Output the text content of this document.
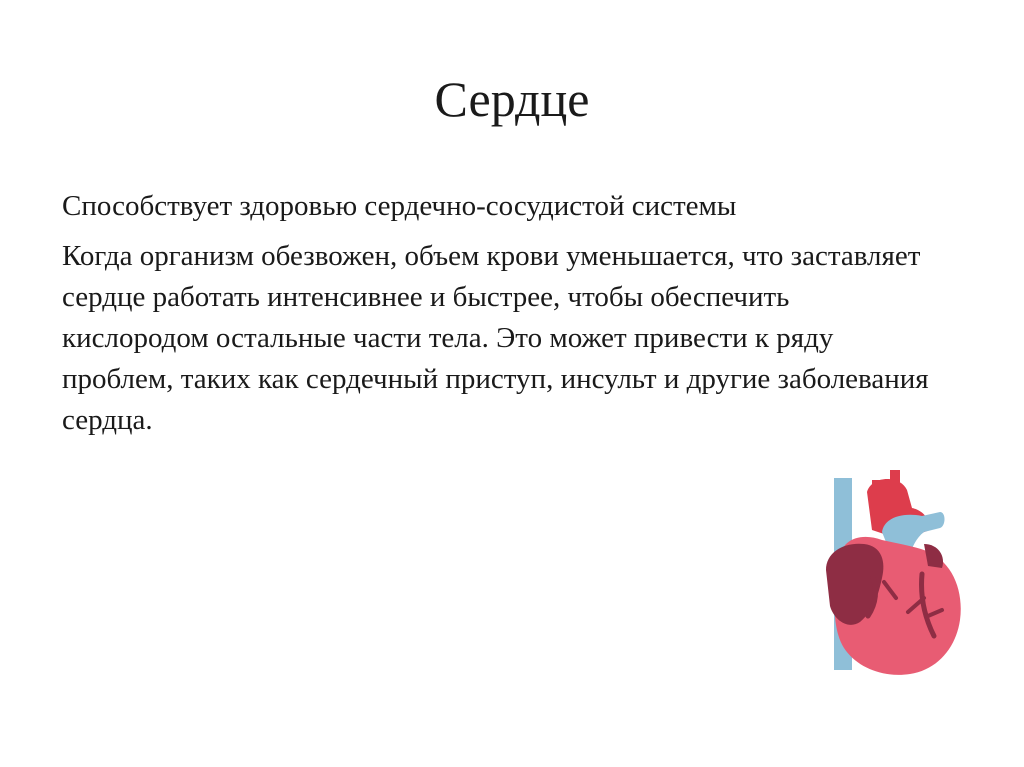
Сердце

Способствует здоровью сердечно-сосудистой системы

Когда организм обезвожен, объем крови уменьшается, что заставляет сердце работать интенсивнее и быстрее, чтобы обеспечить кислородом остальные части тела. Это может привести к ряду проблем, таких как сердечный приступ, инсульт и другие заболевания сердца.
